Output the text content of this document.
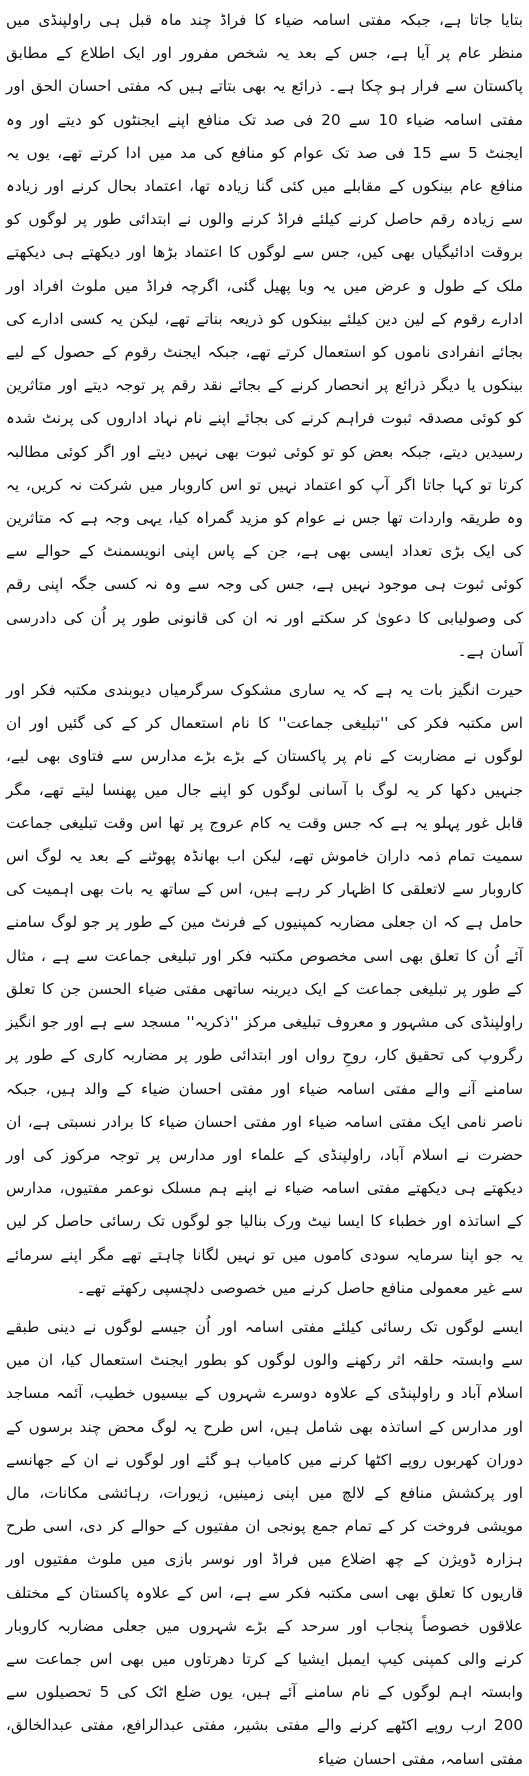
بتایا جاتا ہے، جبکہ مفتی اسامہ ضیاء کا فراڈ چند ماہ قبل ہی راولپنڈی میں منظر عام پر آیا ہے، جس کے بعد یہ شخص مفرور اور ایک اطلاع کے مطابق پاکستان سے فرار ہو چکا ہے۔ ذرائع یہ بھی بتاتے ہیں کہ مفتی احسان الحق اور مفتی اسامہ ضیاء 10 سے 20 فی صد تک منافع اپنے ایجنٹوں کو دیتے اور وہ ایجنٹ 5 سے 15 فی صد تک عوام کو منافع کی مد میں ادا کرتے تھے، یوں یہ منافع عام بینکوں کے مقابلے میں کئی گنا زیادہ تھا، اعتماد بحال کرنے اور زیادہ سے زیادہ رقم حاصل کرنے کیلئے فراڈ کرنے والوں نے ابتدائی طور پر لوگوں کو بروقت ادائیگیاں بھی کیں، جس سے لوگوں کا اعتماد بڑھا اور دیکھتے ہی دیکھتے ملک کے طول و عرض میں یہ وبا پھیل گئی، اگرچہ فراڈ میں ملوث افراد اور ادارے رقوم کے لین دین کیلئے بینکوں کو ذریعہ بناتے تھے، لیکن یہ کسی ادارے کی بجائے انفرادی ناموں کو استعمال کرتے تھے، جبکہ ایجنٹ رقوم کے حصول کے لیے بینکوں یا دیگر ذرائع پر انحصار کرنے کے بجائے نقد رقم پر توجہ دیتے اور متاثرین کو کوئی مصدقہ ثبوت فراہم کرنے کی بجائے اپنے نام نہاد اداروں کی پرنٹ شدہ رسیدیں دیتے، جبکہ بعض کو تو کوئی ثبوت بھی نہیں دیتے اور اگر کوئی مطالبہ کرتا تو کہا جاتا اگر آپ کو اعتماد نہیں تو اس کاروبار میں شرکت نہ کریں، یہ وہ طریقہ واردات تھا جس نے عوام کو مزید گمراہ کیا، یہی وجہ ہے کہ متاثرین کی ایک بڑی تعداد ایسی بھی ہے، جن کے پاس اپنی انویسمنٹ کے حوالے سے کوئی ثبوت ہی موجود نہیں ہے، جس کی وجہ سے وہ نہ کسی جگہ اپنی رقم کی وصولیابی کا دعویٰ کر سکتے اور نہ ان کی قانونی طور پر اُن کی دادرسی آسان ہے۔

حیرت انگیز بات یہ ہے کہ یہ ساری مشکوک سرگرمیاں دیوبندی مکتبہ فکر اور اس مکتبہ فکر کی ''تبلیغی جماعت'' کا نام استعمال کر کے کی گئیں اور ان لوگوں نے مضاربت کے نام پر پاکستان کے بڑے بڑے مدارس سے فتاوی بھی لیے، جنہیں دکھا کر یہ لوگ با آسانی لوگوں کو اپنے جال میں پھنسا لیتے تھے، مگر قابل غور پہلو یہ ہے کہ جس وقت یہ کام عروج پر تھا اس وقت تبلیغی جماعت سمیت تمام ذمہ داران خاموش تھے، لیکن اب بھانڈہ پھوٹنے کے بعد یہ لوگ اس کاروبار سے لاتعلقی کا اظہار کر رہے ہیں، اس کے ساتھ یہ بات بھی اہمیت کی حامل ہے کہ ان جعلی مضاربہ کمپنیوں کے فرنٹ مین کے طور پر جو لوگ سامنے آئے اُن کا تعلق بھی اسی مخصوص مکتبہ فکر اور تبلیغی جماعت سے ہے ، مثال کے طور پر تبلیغی جماعت کے ایک دیرینہ ساتھی مفتی ضیاء الحسن جن کا تعلق راولپنڈی کی مشہور و معروف تبلیغی مرکز ''ذکریہ'' مسجد سے ہے اور جو انگیز رگروپ کی تحقیق کار، روحِ رواں اور ابتدائی طور پر مضاربہ کاری کے طور پر سامنے آنے والے مفتی اسامہ ضیاء اور مفتی احسان ضیاء کے والد ہیں، جبکہ ناصر نامی ایک مفتی اسامہ ضیاء اور مفتی احسان ضیاء کا برادر نسبتی ہے، ان حضرت نے اسلام آباد، راولپنڈی کے علماء اور مدارس پر توجہ مرکوز کی اور دیکھتے ہی دیکھتے مفتی اسامہ ضیاء نے اپنے ہم مسلک نوعمر مفتیوں، مدارس کے اساتذہ اور خطباء کا ایسا نیٹ ورک بنالیا جو لوگوں تک رسائی حاصل کر لیں یہ جو اپنا سرمایہ سودی کاموں میں تو نہیں لگانا چاہتے تھے مگر اپنے سرمائے سے غیر معمولی منافع حاصل کرنے میں خصوصی دلچسپی رکھتے تھے۔

ایسے لوگوں تک رسائی کیلئے مفتی اسامہ اور اُن جیسے لوگوں نے دینی طبقے سے وابستہ حلقہ اثر رکھنے والوں لوگوں کو بطور ایجنٹ استعمال کیا، ان میں اسلام آباد و راولپنڈی کے علاوہ دوسرے شہروں کے بیسیوں خطیب، آئمہ مساجد اور مدارس کے اساتذہ بھی شامل ہیں، اس طرح یہ لوگ محض چند برسوں کے دوران کھربوں روپے اکٹھا کرنے میں کامیاب ہو گئے اور لوگوں نے ان کے جھانسے اور پرکشش منافع کے لالچ میں اپنی زمینیں، زیورات، رہائشی مکانات، مال مویشی فروخت کر کے تمام جمع پونجی ان مفتیوں کے حوالے کر دی، اسی طرح ہزارہ ڈویژن کے چھ اضلاع میں فراڈ اور نوسر بازی میں ملوث مفتیوں اور قاریوں کا تعلق بھی اسی مکتبہ فکر سے ہے، اس کے علاوہ پاکستان کے مختلف علاقوں خصوصاً پنجاب اور سرحد کے بڑے شہروں میں جعلی مضاربہ کاروبار کرنے والی کمپنی کیپ ایمبل ایشیا کے کرتا دھرتاوں میں بھی اس جماعت سے وابستہ اہم لوگوں کے نام سامنے آئے ہیں، یوں ضلع اٹک کی 5 تحصیلوں سے 200 ارب روپے اکٹھے کرنے والے مفتی بشیر، مفتی عبدالرافع، مفتی عبدالخالق، مفتی اسامہ، مفتی احسان ضیاء
